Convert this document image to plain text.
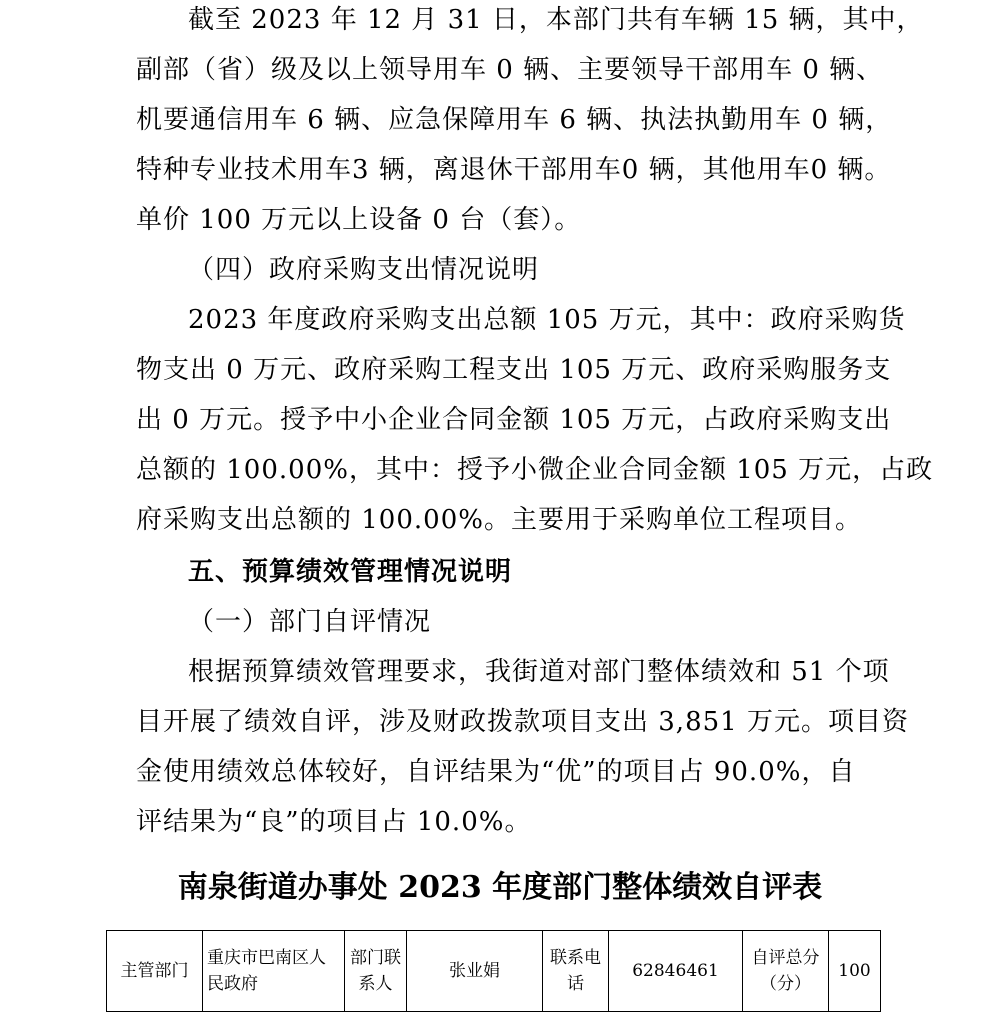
截至 2023 年 12 月 31 日，本部门共有车辆 15 辆，其中，
副部（省）级及以上领导用车 0 辆、主要领导干部用车 0 辆、
机要通信用车 6 辆、应急保障用车 6 辆、执法执勤用车 0 辆，
特种专业技术用车3 辆，离退休干部用车0 辆，其他用车0 辆。
单价 100 万元以上设备 0 台（套）。
（四）政府采购支出情况说明
2023 年度政府采购支出总额 105 万元，其中：政府采购货
物支出 0 万元、政府采购工程支出 105 万元、政府采购服务支
出 0 万元。授予中小企业合同金额 105 万元，占政府采购支出
总额的 100.00%，其中：授予小微企业合同金额 105 万元，占政
府采购支出总额的 100.00%。主要用于采购单位工程项目。
五、预算绩效管理情况说明
（一）部门自评情况
根据预算绩效管理要求，我街道对部门整体绩效和 51 个项
目开展了绩效自评，涉及财政拨款项目支出 3,851 万元。项目资
金使用绩效总体较好，自评结果为“优”的项目占 90.0%，自
评结果为“良”的项目占 10.0%。
南泉街道办事处 2023 年度部门整体绩效自评表
主管部门	重庆市巴南区人民政府	部门联系人	张业娟	联系电话	62846461	自评总分（分）	100
